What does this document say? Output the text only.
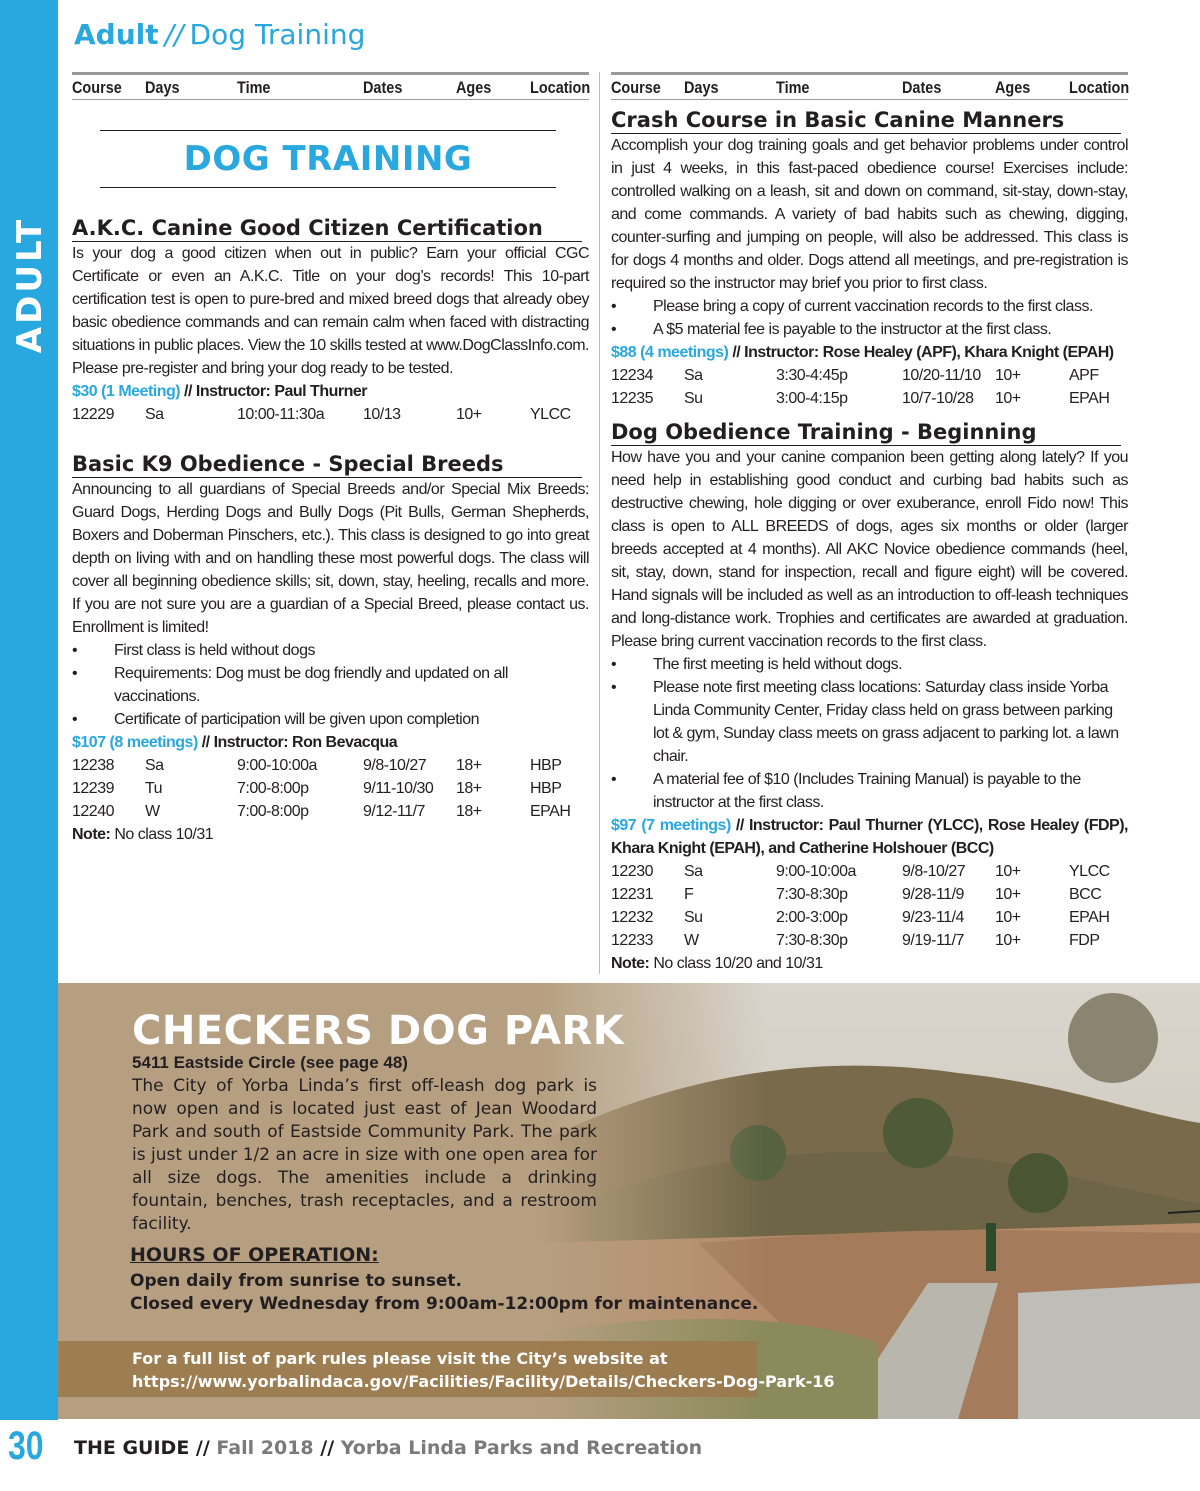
ADULT
30
Adult // Dog Training
Course Days	Time	Dates	Ages Location
DOG TRAINING
A.K.C. Canine Good Citizen Certification

Is your dog a good citizen when out in public? Earn your official CGC Certificate or even an A.K.C. Title on your dog’s records! This 10-part certification test is open to pure-bred and mixed breed dogs that already obey basic obedience commands and can remain calm when faced with distracting situations in public places. View the 10 skills tested at www.DogClassInfo.com. Please pre-register and bring your dog ready to be tested.

$30 (1 Meeting) // Instructor: Paul Thurner
12229 Sa	10:00-11:30a 10/13	10+	YLCC
Basic K9 Obedience - Special Breeds

Announcing to all guardians of Special Breeds and/or Special Mix Breeds: Guard Dogs, Herding Dogs and Bully Dogs (Pit Bulls, German Shepherds, Boxers and Doberman Pinschers, etc.). This class is designed to go into great depth on living with and on handling these most powerful dogs. The class will cover all beginning obedience skills; sit, down, stay, heeling, recalls and more. If you are not sure you are a guardian of a Special Breed, please contact us. Enrollment is limited!

• First class is held without dogs
• Requirements: Dog must be dog friendly and updated on all vaccinations.
• Certificate of participation will be given upon completion
$107 (8 meetings) // Instructor: Ron Bevacqua
12238 Sa	9:00-10:00a	9/8-10/27 18+	HBP
12239 Tu	7:00-8:00p	9/11-10/30 18+	HBP
12240 W	7:00-8:00p	9/12-11/7 18+	EPAH
Note: No class 10/31
Course Days	Time	Dates	Ages Location
Crash Course in Basic Canine Manners

Accomplish your dog training goals and get behavior problems under control in just 4 weeks, in this fast-paced obedience course! Exercises include: controlled walking on a leash, sit and down on command, sit-stay, down-stay, and come commands. A variety of bad habits such as chewing, digging, counter-surfing and jumping on people, will also be addressed. This class is for dogs 4 months and older. Dogs attend all meetings, and pre-registration is required so the instructor may brief you prior to first class.

• Please bring a copy of current vaccination records to the first class.
• A $5 material fee is payable to the instructor at the first class.
$88 (4 meetings) // Instructor: Rose Healey (APF), Khara Knight (EPAH)
12234 Sa	3:30-4:45p	10/20-11/10 10+	APF
12235 Su	3:00-4:15p	10/7-10/28 10+	EPAH
Dog Obedience Training - Beginning

How have you and your canine companion been getting along lately? If you need help in establishing good conduct and curbing bad habits such as destructive chewing, hole digging or over exuberance, enroll Fido now! This class is open to ALL BREEDS of dogs, ages six months or older (larger breeds accepted at 4 months). All AKC Novice obedience commands (heel, sit, stay, down, stand for inspection, recall and figure eight) will be covered. Hand signals will be included as well as an introduction to off-leash techniques and long-distance work. Trophies and certificates are awarded at graduation. Please bring current vaccination records to the first class.

• The first meeting is held without dogs.
• Please note first meeting class locations: Saturday class inside Yorba Linda Community Center, Friday class held on grass between parking lot & gym, Sunday class meets on grass adjacent to parking lot. a lawn chair.
• A material fee of $10 (Includes Training Manual) is payable to the instructor at the first class.
$97 (7 meetings) // Instructor: Paul Thurner (YLCC), Rose Healey (FDP), Khara Knight (EPAH), and Catherine Holshouer (BCC)
12230 Sa	9:00-10:00a	9/8-10/27 10+	YLCC
12231 F	7:30-8:30p	9/28-11/9 10+	BCC
12232 Su	2:00-3:00p	9/23-11/4 10+	EPAH
12233 W	7:30-8:30p	9/19-11/7 10+	FDP
Note: No class 10/20 and 10/31
CHECKERS DOG PARK
5411 Eastside Circle (see page 48)
The City of Yorba Linda’s first off-leash dog park is now open and is located just east of Jean Woodard Park and south of Eastside Community Park. The park is just under 1/2 an acre in size with one open area for all size dogs. The amenities include a drinking fountain, benches, trash receptacles, and a restroom facility.
HOURS OF OPERATION:
Open daily from sunrise to sunset.
Closed every Wednesday from 9:00am-12:00pm for maintenance.
For a full list of park rules please visit the City’s website at
https://www.yorbalindaca.gov/Facilities/Facility/Details/Checkers-Dog-Park-16
THE GUIDE // Fall 2018 // Yorba Linda Parks and Recreation
